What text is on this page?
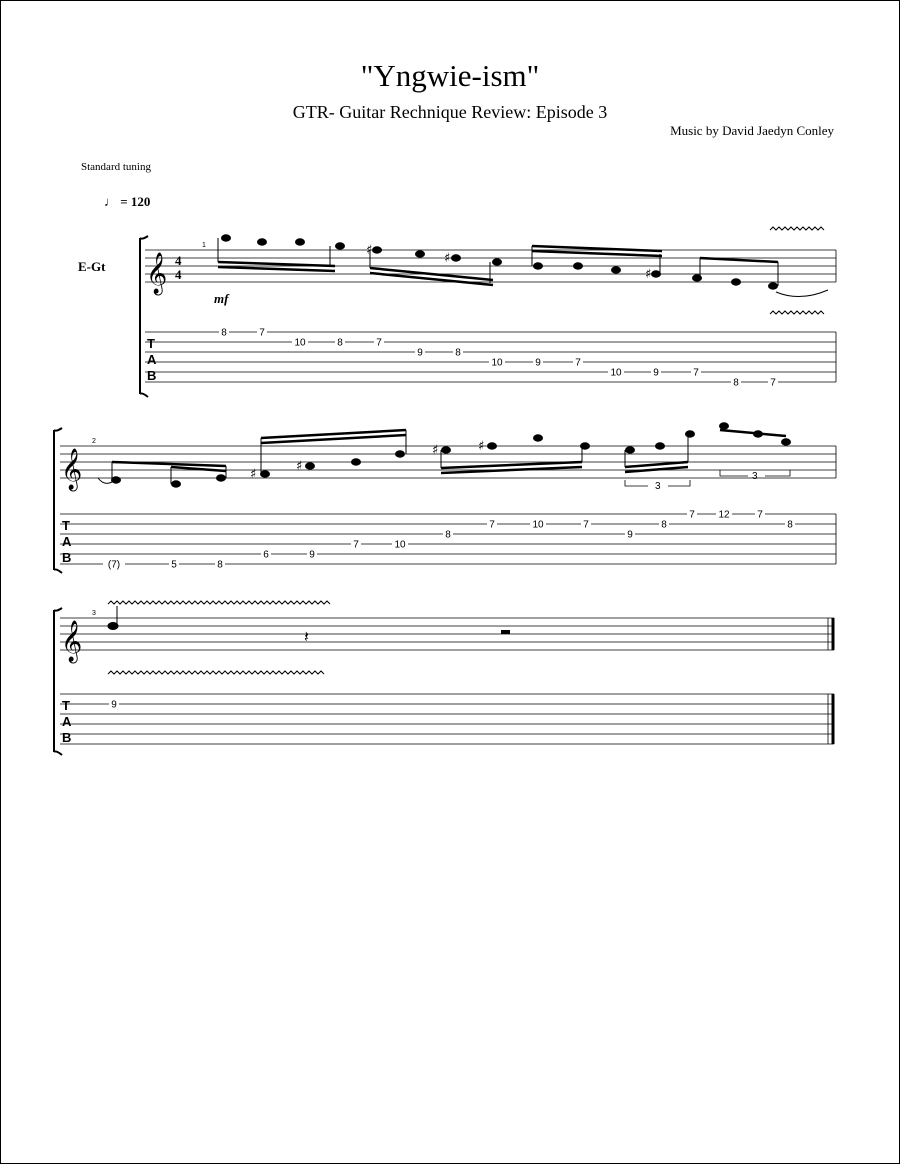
"Yngwie-ism"
GTR- Guitar Rechnique Review: Episode 3
Music by David Jaedyn Conley
Standard tuning
♩ = 120
E-Gt 𝄞 4
4
1
mf
♯
♯
♯
T
A
B
8	7
10	8	7
9	8
10	9	7
10	9	7
8	7
𝄞
2
♯
♯
♯	♯
3
3
T
A
B	(7)	5	8
6	9
7	10
8
7	10	7
9
8
7 12	7
8
𝄞
3
𝄽
T
A
B
9
